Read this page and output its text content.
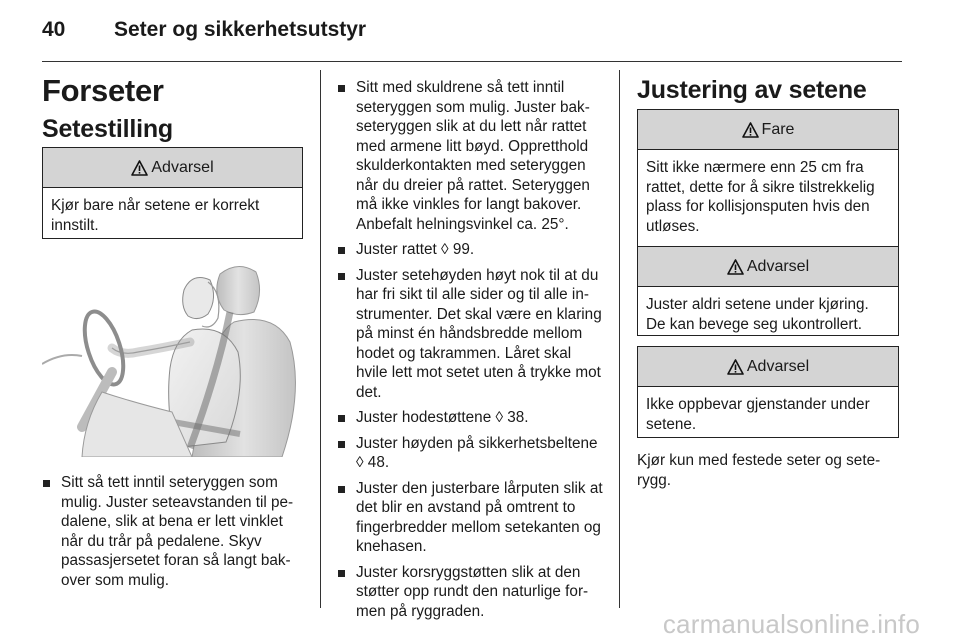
40 Seter og sikkerhetsutstyr
Forseter
Setestilling
Advarsel
Kjør bare når setene er korrekt innstilt.
Sitt så tett inntil seteryggen som mulig. Juster seteavstanden til pedalene, slik at bena er lett vinklet når du trår på pedalene. Skyv passasjersetet foran så langt bakover som mulig.
Sitt med skuldrene så tett inntil seteryggen som mulig. Juster bakseteryggen slik at du lett når rattet med armene litt bøyd. Oppretthold skulderkontakten med seteryggen når du dreier på rattet. Seteryggen må ikke vinkles for langt bakover. Anbefalt helningsvinkel ca. 25°.
Juster rattet ◊ 99.
Juster setehøyden høyt nok til at du har fri sikt til alle sider og til alle instrumenter. Det skal være en klaring på minst én håndsbredde mellom hodet og takrammen. Låret skal hvile lett mot setet uten å trykke mot det.
Juster hodestøttene ◊ 38.
Juster høyden på sikkerhetsbeltene ◊ 48.
Juster den justerbare lårputen slik at det blir en avstand på omtrent to fingerbredder mellom setekanten og knehasen.
Juster korsryggstøtten slik at den støtter opp rundt den naturlige formen på ryggraden.
Justering av setene
Fare
Sitt ikke nærmere enn 25 cm fra rattet, dette for å sikre tilstrekkelig plass for kollisjonsputen hvis den utløses.
Advarsel
Juster aldri setene under kjøring. De kan bevege seg ukontrollert.
Advarsel
Ikke oppbevar gjenstander under setene.
Kjør kun med festede seter og seterygg.
carmanualsonline.info
